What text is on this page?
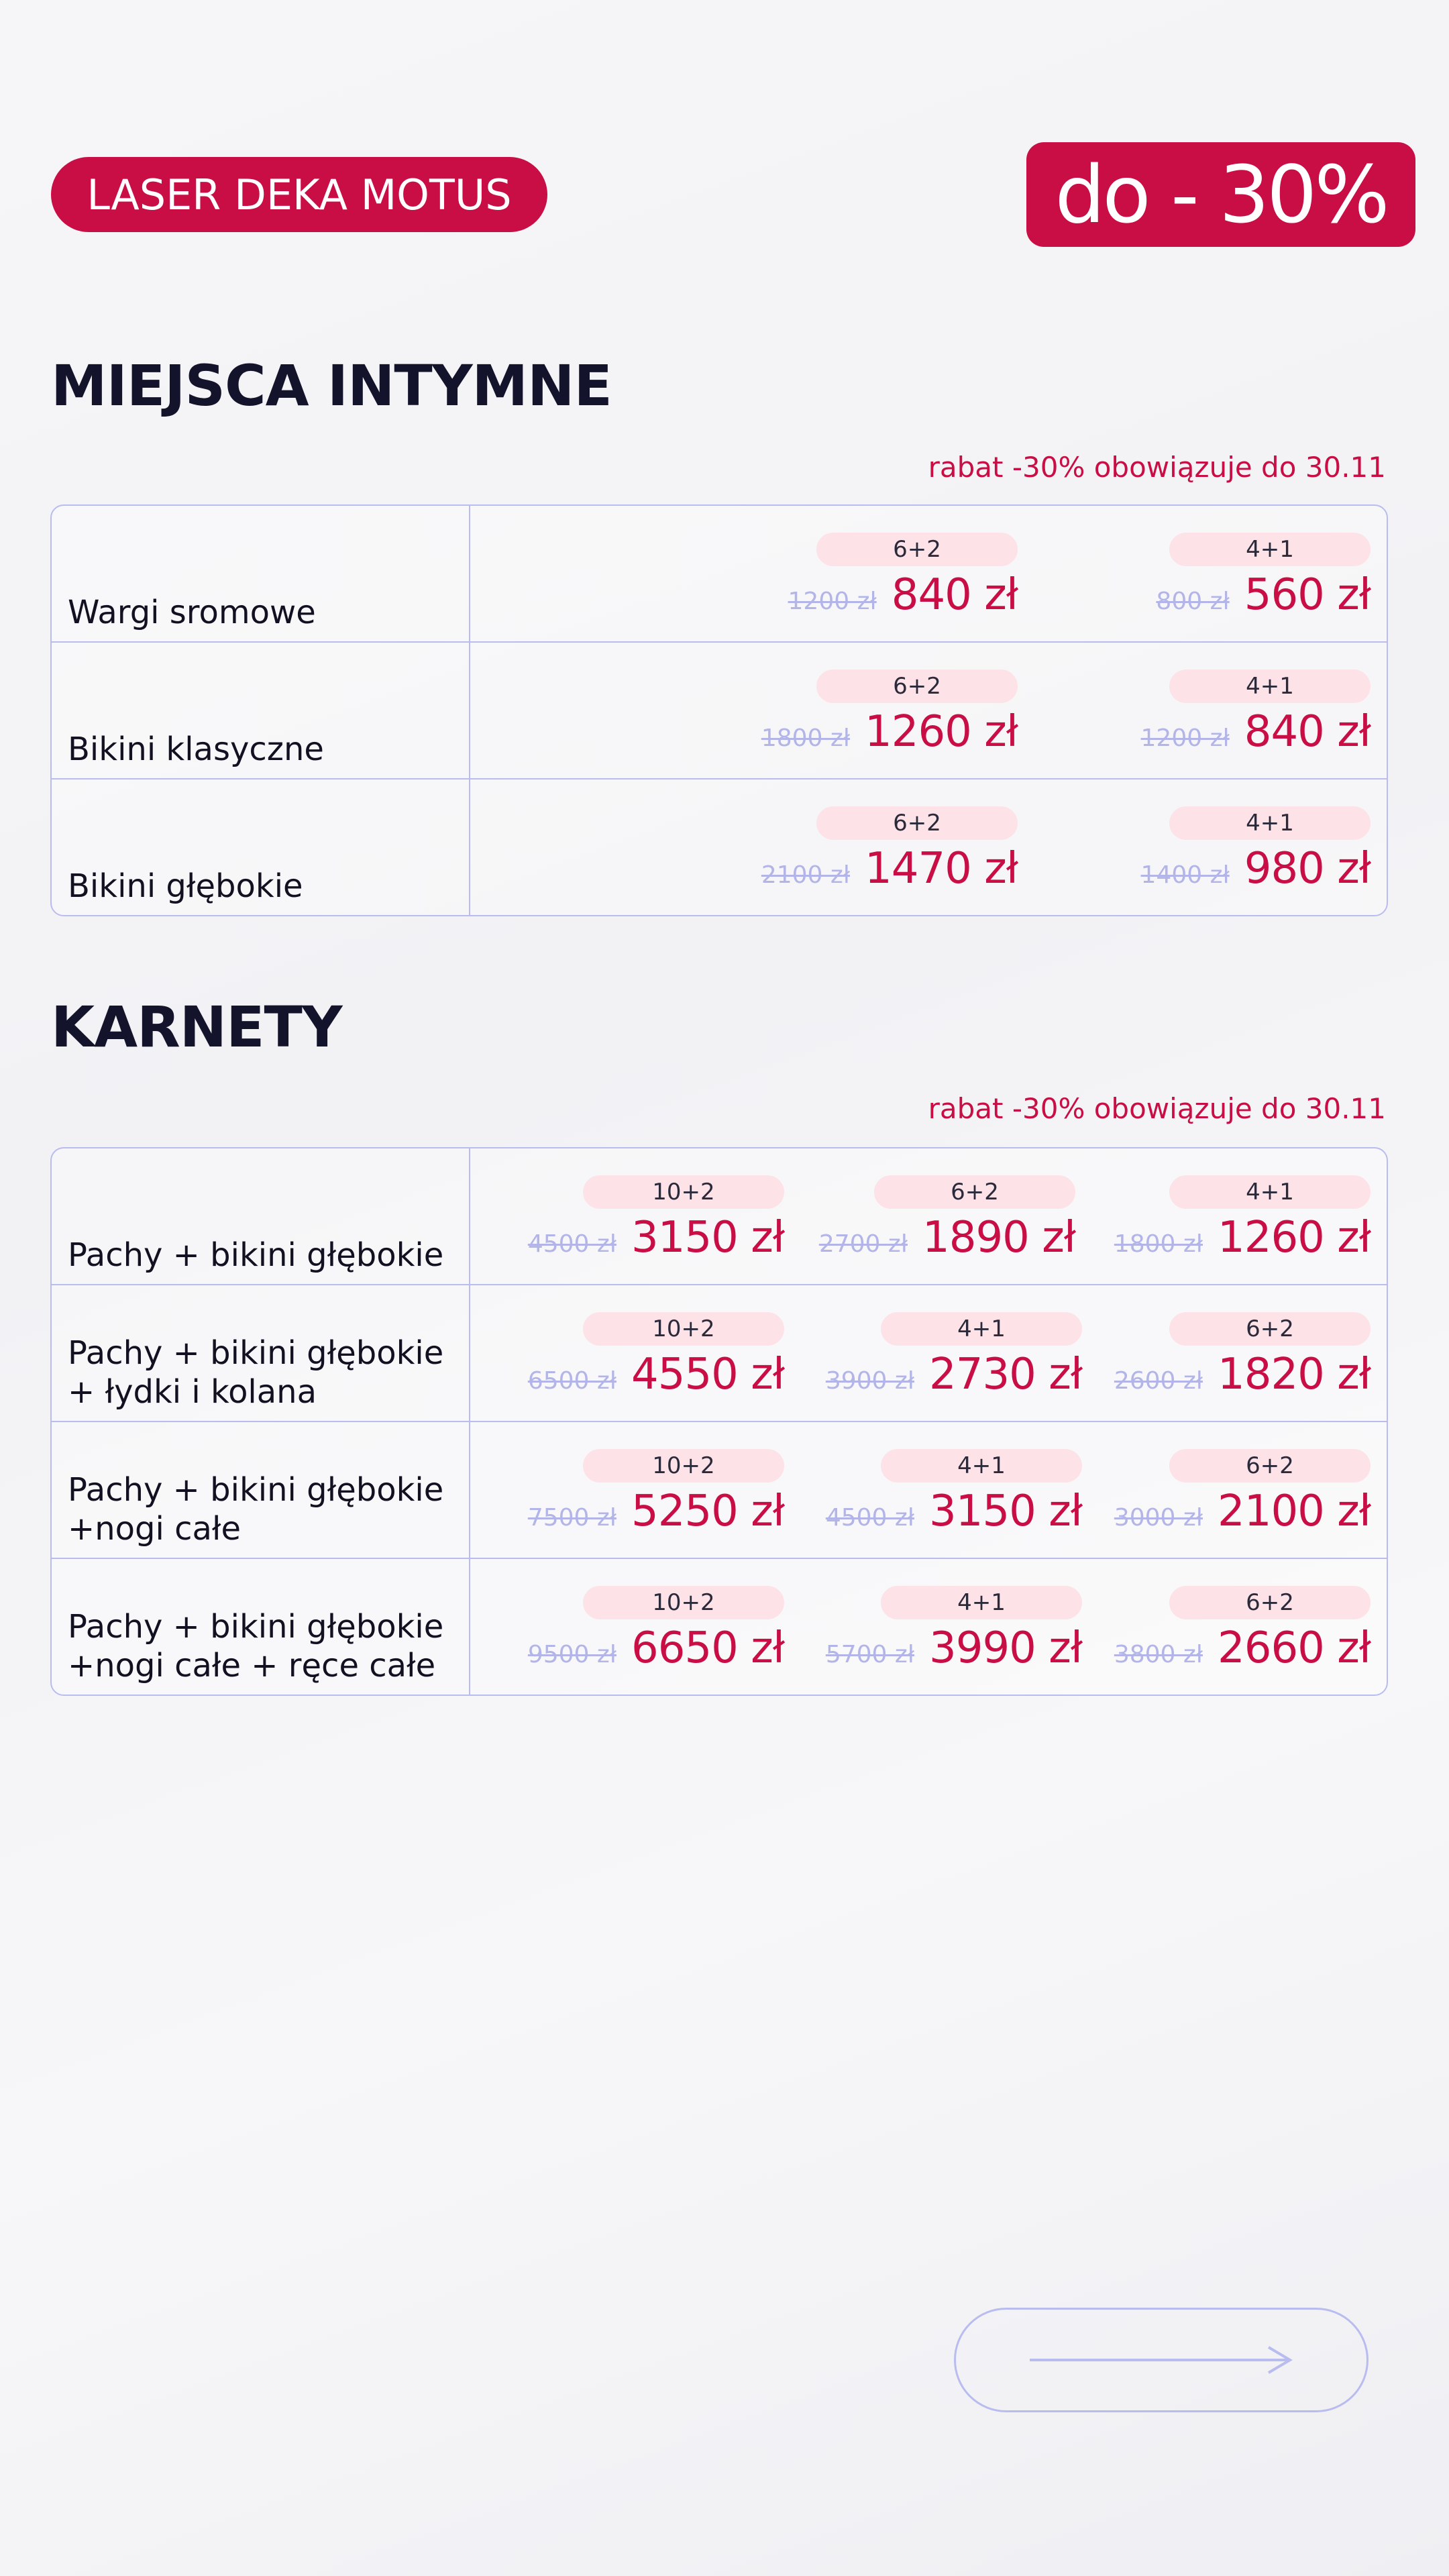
LASER DEKA MOTUS	do - 30%
MIEJSCA INTYMNE
rabat -30% obowiązuje do 30.11
Wargi sromowe
6+2
1200 zł 840 zł
4+1
800 zł 560 zł
Bikini klasyczne
6+2
1800 zł 1260 zł
4+1
1200 zł 840 zł
Bikini głębokie
6+2
2100 zł 1470 zł
4+1
1400 zł 980 zł
KARNETY
rabat -30% obowiązuje do 30.11
Pachy + bikini głębokie
10+2
4500 zł 3150 zł
6+2
2700 zł 1890 zł
4+1
1800 zł 1260 zł
Pachy + bikini głębokie + łydki i kolana
10+2
6500 zł 4550 zł
4+1
3900 zł 2730 zł
6+2
2600 zł 1820 zł
Pachy + bikini głębokie +nogi całe
10+2
7500 zł 5250 zł
4+1
4500 zł 3150 zł
6+2
3000 zł 2100 zł
Pachy + bikini głębokie +nogi całe + ręce całe
10+2
9500 zł 6650 zł
4+1
5700 zł 3990 zł
6+2
3800 zł 2660 zł
